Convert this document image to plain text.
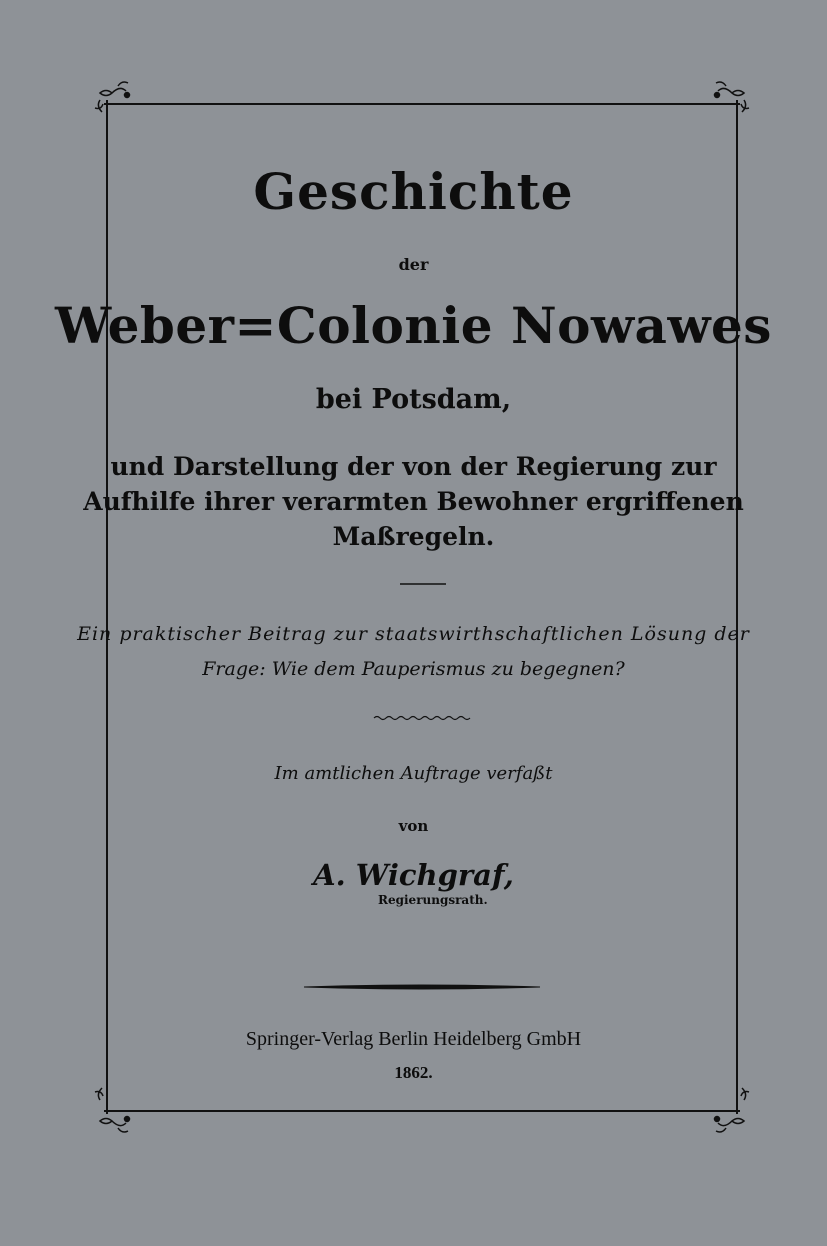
Geschichte
der
Weber=Colonie Nowawes
bei Potsdam,
und Darstellung der von der Regierung zur
Aufhilfe ihrer verarmten Bewohner ergriffenen
Maßregeln.
Ein praktischer Beitrag zur staatswirthschaftlichen Lösung der
Frage: Wie dem Pauperismus zu begegnen?
Im amtlichen Auftrage verfaßt
von
A. Wichgraf,
Regierungsrath.
Springer-Verlag Berlin Heidelberg GmbH
1862.
